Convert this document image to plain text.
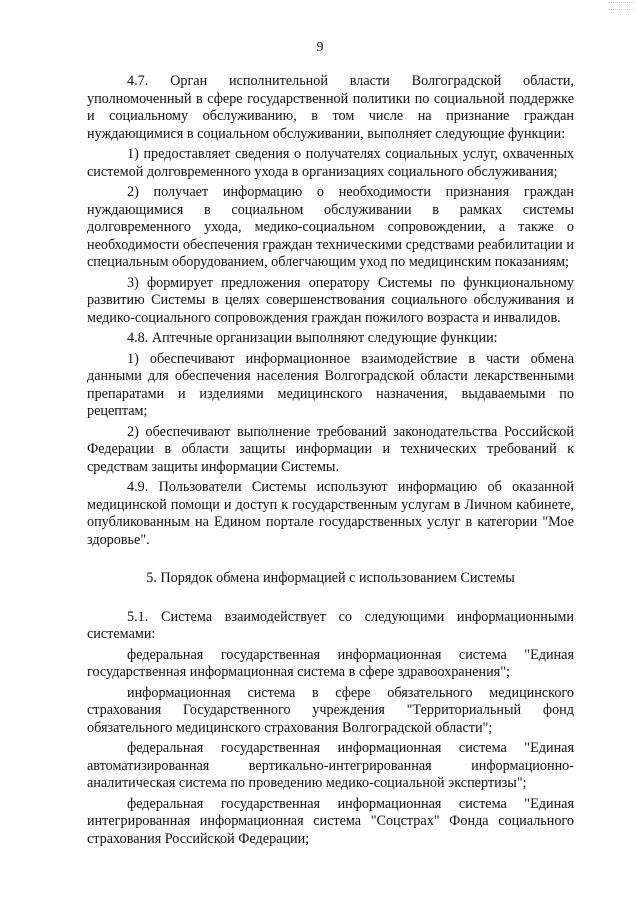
9

4.7. Орган исполнительной власти Волгоградской области, уполномоченный в сфере государственной политики по социальной поддержке и социальному обслуживанию, в том числе на признание граждан нуждающимися в социальном обслуживании, выполняет следующие функции:

1) предоставляет сведения о получателях социальных услуг, охваченных системой долговременного ухода в организациях социального обслуживания;

2) получает информацию о необходимости признания граждан нуждающимися в социальном обслуживании в рамках системы долговременного ухода, медико-социальном сопровождении, а также о необходимости обеспечения граждан техническими средствами реабилитации и специальным оборудованием, облегчающим уход по медицинским показаниям;

3) формирует предложения оператору Системы по функциональному развитию Системы в целях совершенствования социального обслуживания и медико-социального сопровождения граждан пожилого возраста и инвалидов.

4.8. Аптечные организации выполняют следующие функции:

1) обеспечивают информационное взаимодействие в части обмена данными для обеспечения населения Волгоградской области лекарственными препаратами и изделиями медицинского назначения, выдаваемыми по рецептам;

2) обеспечивают выполнение требований законодательства Российской Федерации в области защиты информации и технических требований к средствам защиты информации Системы.

4.9. Пользователи Системы используют информацию об оказанной медицинской помощи и доступ к государственным услугам в Личном кабинете, опубликованным на Едином портале государственных услуг в категории "Мое здоровье".

5. Порядок обмена информацией с использованием Системы

5.1. Система взаимодействует со следующими информационными системами:

федеральная государственная информационная система "Единая государственная информационная система в сфере здравоохранения";

информационная система в сфере обязательного медицинского страхования Государственного учреждения "Территориальный фонд обязательного медицинского страхования Волгоградской области";

федеральная государственная информационная система "Единая автоматизированная вертикально-интегрированная информационно-аналитическая система по проведению медико-социальной экспертизы";

федеральная государственная информационная система "Единая интегрированная информационная система "Соцстрах" Фонда социального страхования Российской Федерации;
